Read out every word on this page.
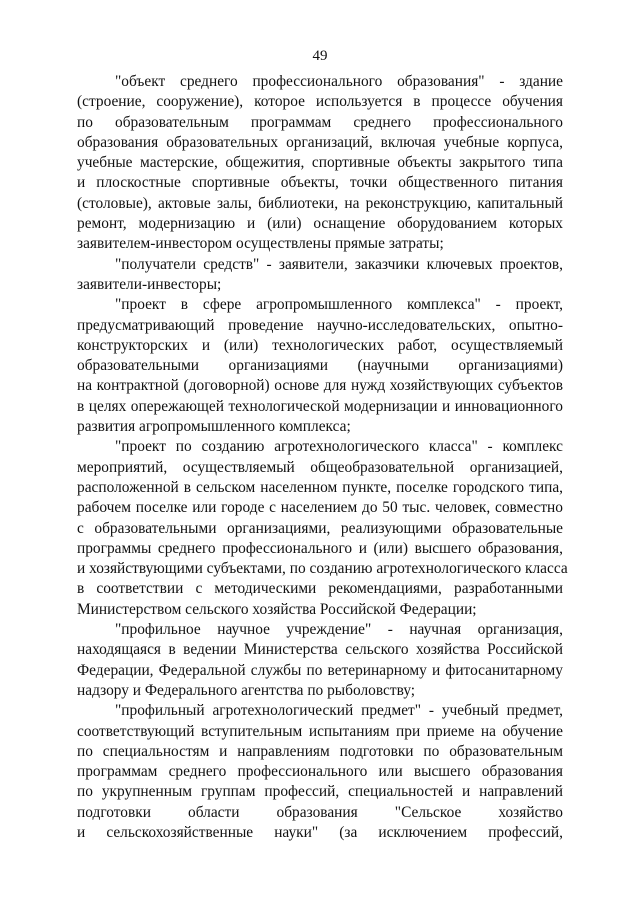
49
"объект среднего профессионального образования" - здание
(строение, сооружение), которое используется в процессе обучения
по образовательным программам среднего профессионального
образования образовательных организаций, включая учебные корпуса,
учебные мастерские, общежития, спортивные объекты закрытого типа
и плоскостные спортивные объекты, точки общественного питания
(столовые), актовые залы, библиотеки, на реконструкцию, капитальный
ремонт, модернизацию и (или) оснащение оборудованием которых
заявителем-инвестором осуществлены прямые затраты;
"получатели средств" - заявители, заказчики ключевых проектов,
заявители-инвесторы;
"проект в сфере агропромышленного комплекса" - проект,
предусматривающий проведение научно-исследовательских, опытно-
конструкторских и (или) технологических работ, осуществляемый
образовательными организациями (научными организациями)
на контрактной (договорной) основе для нужд хозяйствующих субъектов
в целях опережающей технологической модернизации и инновационного
развития агропромышленного комплекса;
"проект по созданию агротехнологического класса" - комплекс
мероприятий, осуществляемый общеобразовательной организацией,
расположенной в сельском населенном пункте, поселке городского типа,
рабочем поселке или городе с населением до 50 тыс. человек, совместно
с образовательными организациями, реализующими образовательные
программы среднего профессионального и (или) высшего образования,
и хозяйствующими субъектами, по созданию агротехнологического класса
в соответствии с методическими рекомендациями, разработанными
Министерством сельского хозяйства Российской Федерации;
"профильное научное учреждение" - научная организация,
находящаяся в ведении Министерства сельского хозяйства Российской
Федерации, Федеральной службы по ветеринарному и фитосанитарному
надзору и Федерального агентства по рыболовству;
"профильный агротехнологический предмет" - учебный предмет,
соответствующий вступительным испытаниям при приеме на обучение
по специальностям и направлениям подготовки по образовательным
программам среднего профессионального или высшего образования
по укрупненным группам профессий, специальностей и направлений
подготовки области образования "Сельское хозяйство
и сельскохозяйственные науки" (за исключением профессий,
